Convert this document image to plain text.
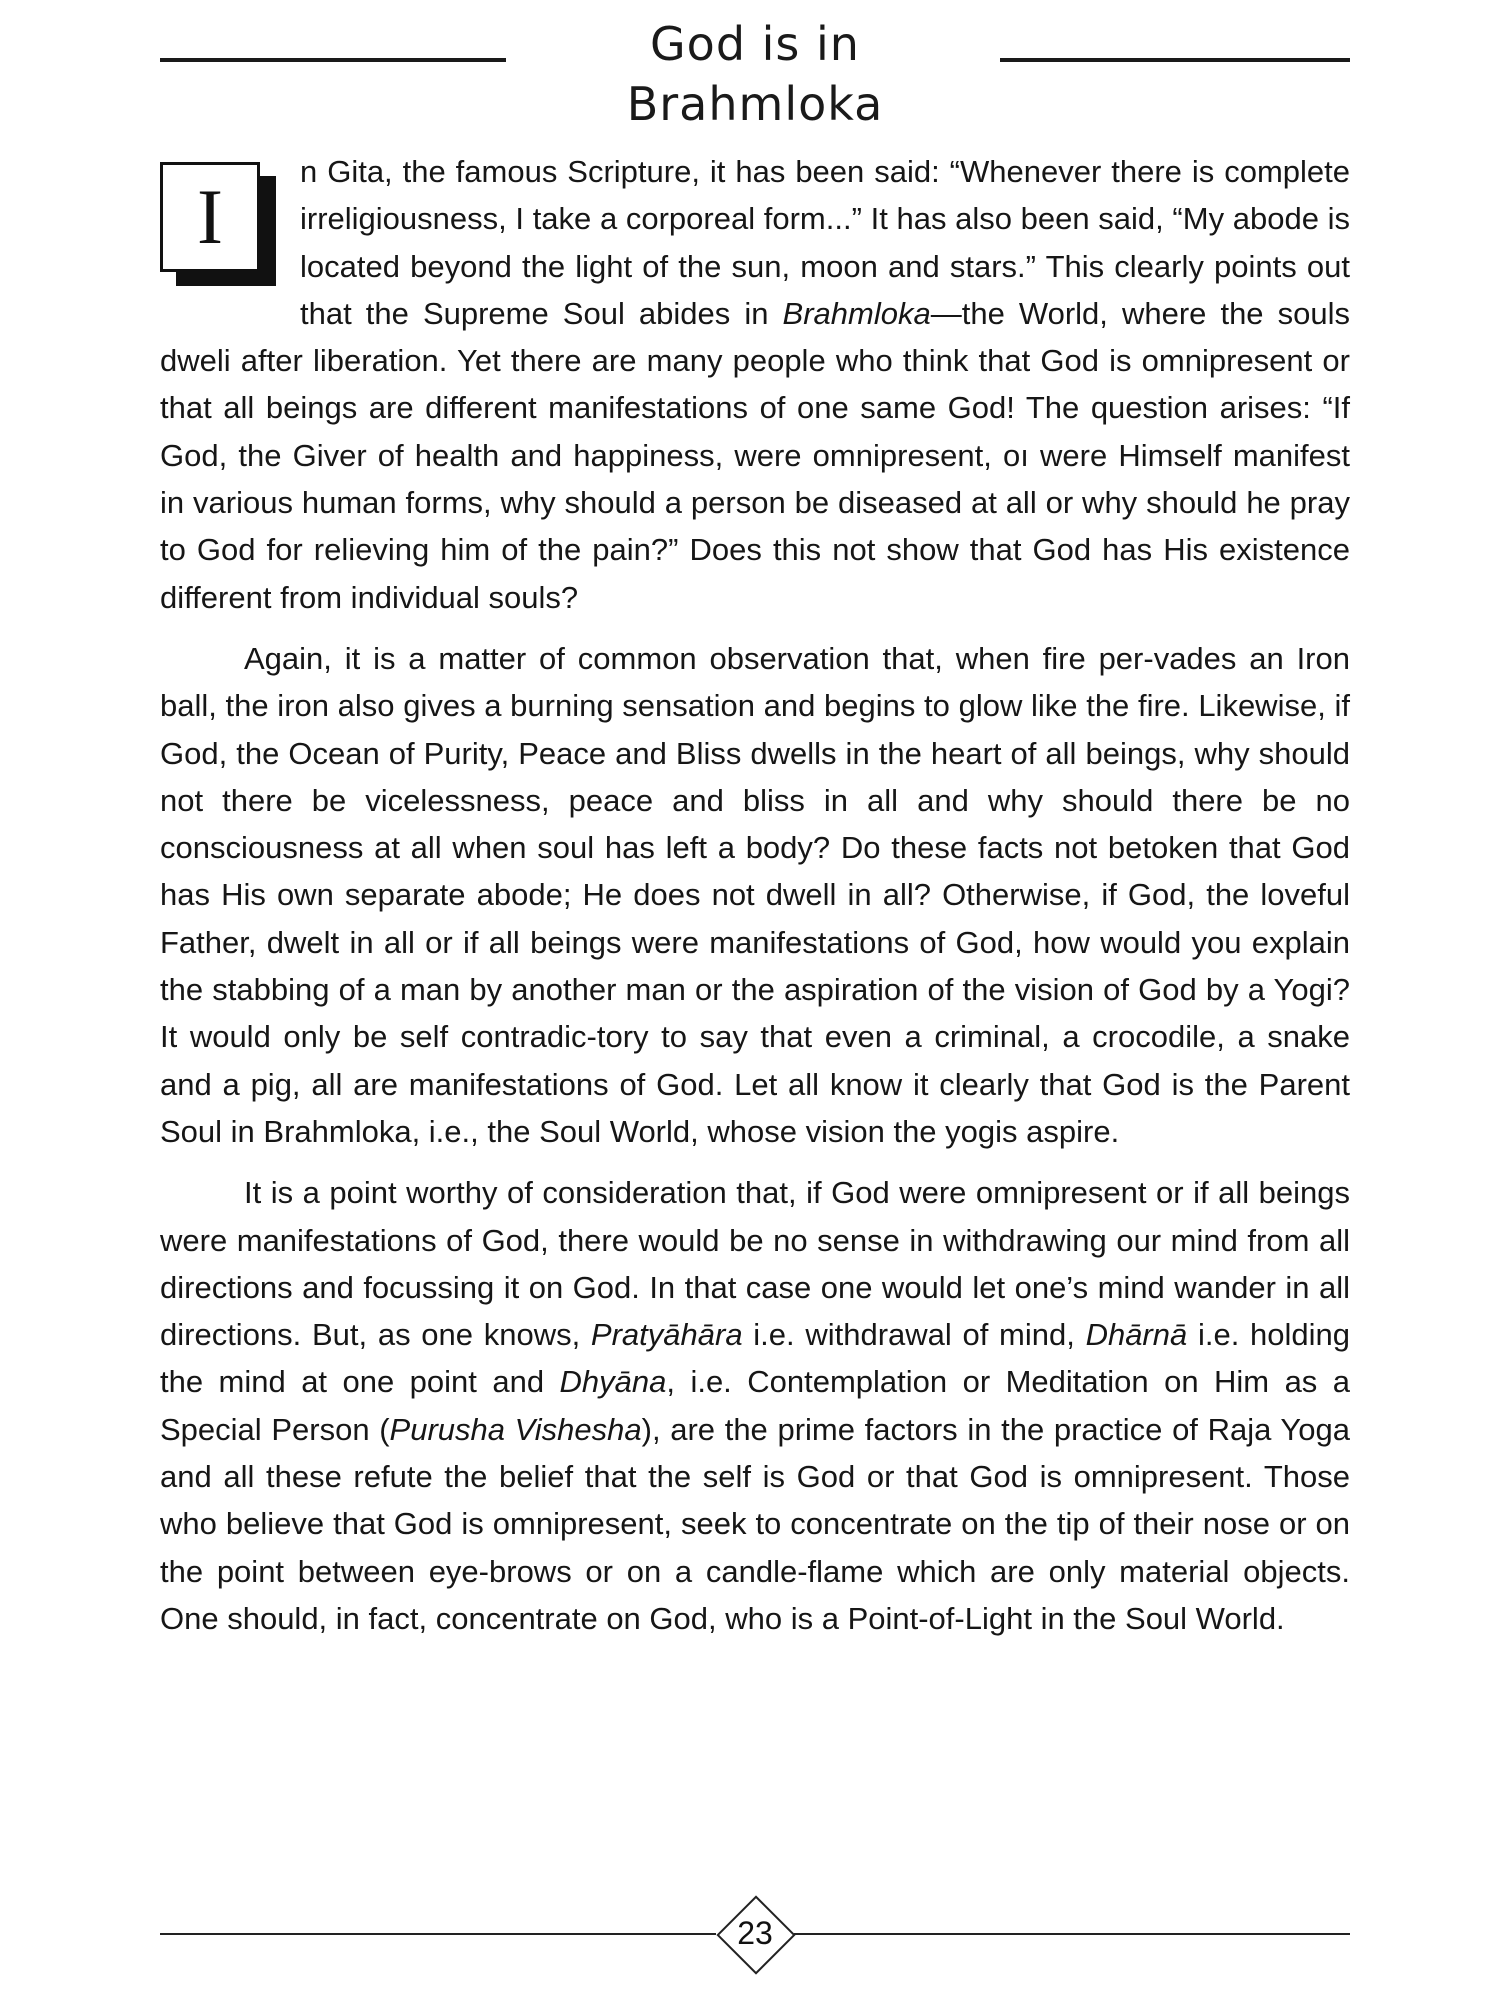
God is in Brahmloka

I
n Gita, the famous Scripture, it has been said: “Whenever there is complete irreligiousness, I take a corporeal form...” It has also been said, “My abode is located beyond the light of the sun, moon and stars.” This clearly points out that the Supreme Soul abides in Brahmloka—the World, where the souls dweli after liberation. Yet there are many people who think that God is omnipresent or that all beings are different manifestations of one same God! The question arises: “If God, the Giver of health and happiness, were omnipresent, oı were Himself manifest in various human forms, why should a person be diseased at all or why should he pray to God for relieving him of the pain?” Does this not show that God has His existence different from individual souls?

Again, it is a matter of common observation that, when fire per-vades an Iron ball, the iron also gives a burning sensation and begins to glow like the fire. Likewise, if God, the Ocean of Purity, Peace and Bliss dwells in the heart of all beings, why should not there be vicelessness, peace and bliss in all and why should there be no consciousness at all when soul has left a body? Do these facts not betoken that God has His own separate abode; He does not dwell in all? Otherwise, if God, the loveful Father, dwelt in all or if all beings were manifestations of God, how would you explain the stabbing of a man by another man or the aspiration of the vision of God by a Yogi? It would only be self contradic-tory to say that even a criminal, a crocodile, a snake and a pig, all are manifestations of God. Let all know it clearly that God is the Parent Soul in Brahmloka, i.e., the Soul World, whose vision the yogis aspire.

It is a point worthy of consideration that, if God were omnipresent or if all beings were manifestations of God, there would be no sense in withdrawing our mind from all directions and focussing it on God. In that case one would let one’s mind wander in all directions. But, as one knows, Pratyāhāra i.e. withdrawal of mind, Dhārnā i.e. holding the mind at one point and Dhyāna, i.e. Contemplation or Meditation on Him as a Special Person (Purusha Vishesha), are the prime factors in the practice of Raja Yoga and all these refute the belief that the self is God or that God is omnipresent. Those who believe that God is omnipresent, seek to concentrate on the tip of their nose or on the point between eye-brows or on a candle-flame which are only material objects. One should, in fact, concentrate on God, who is a Point-of-Light in the Soul World.

23
